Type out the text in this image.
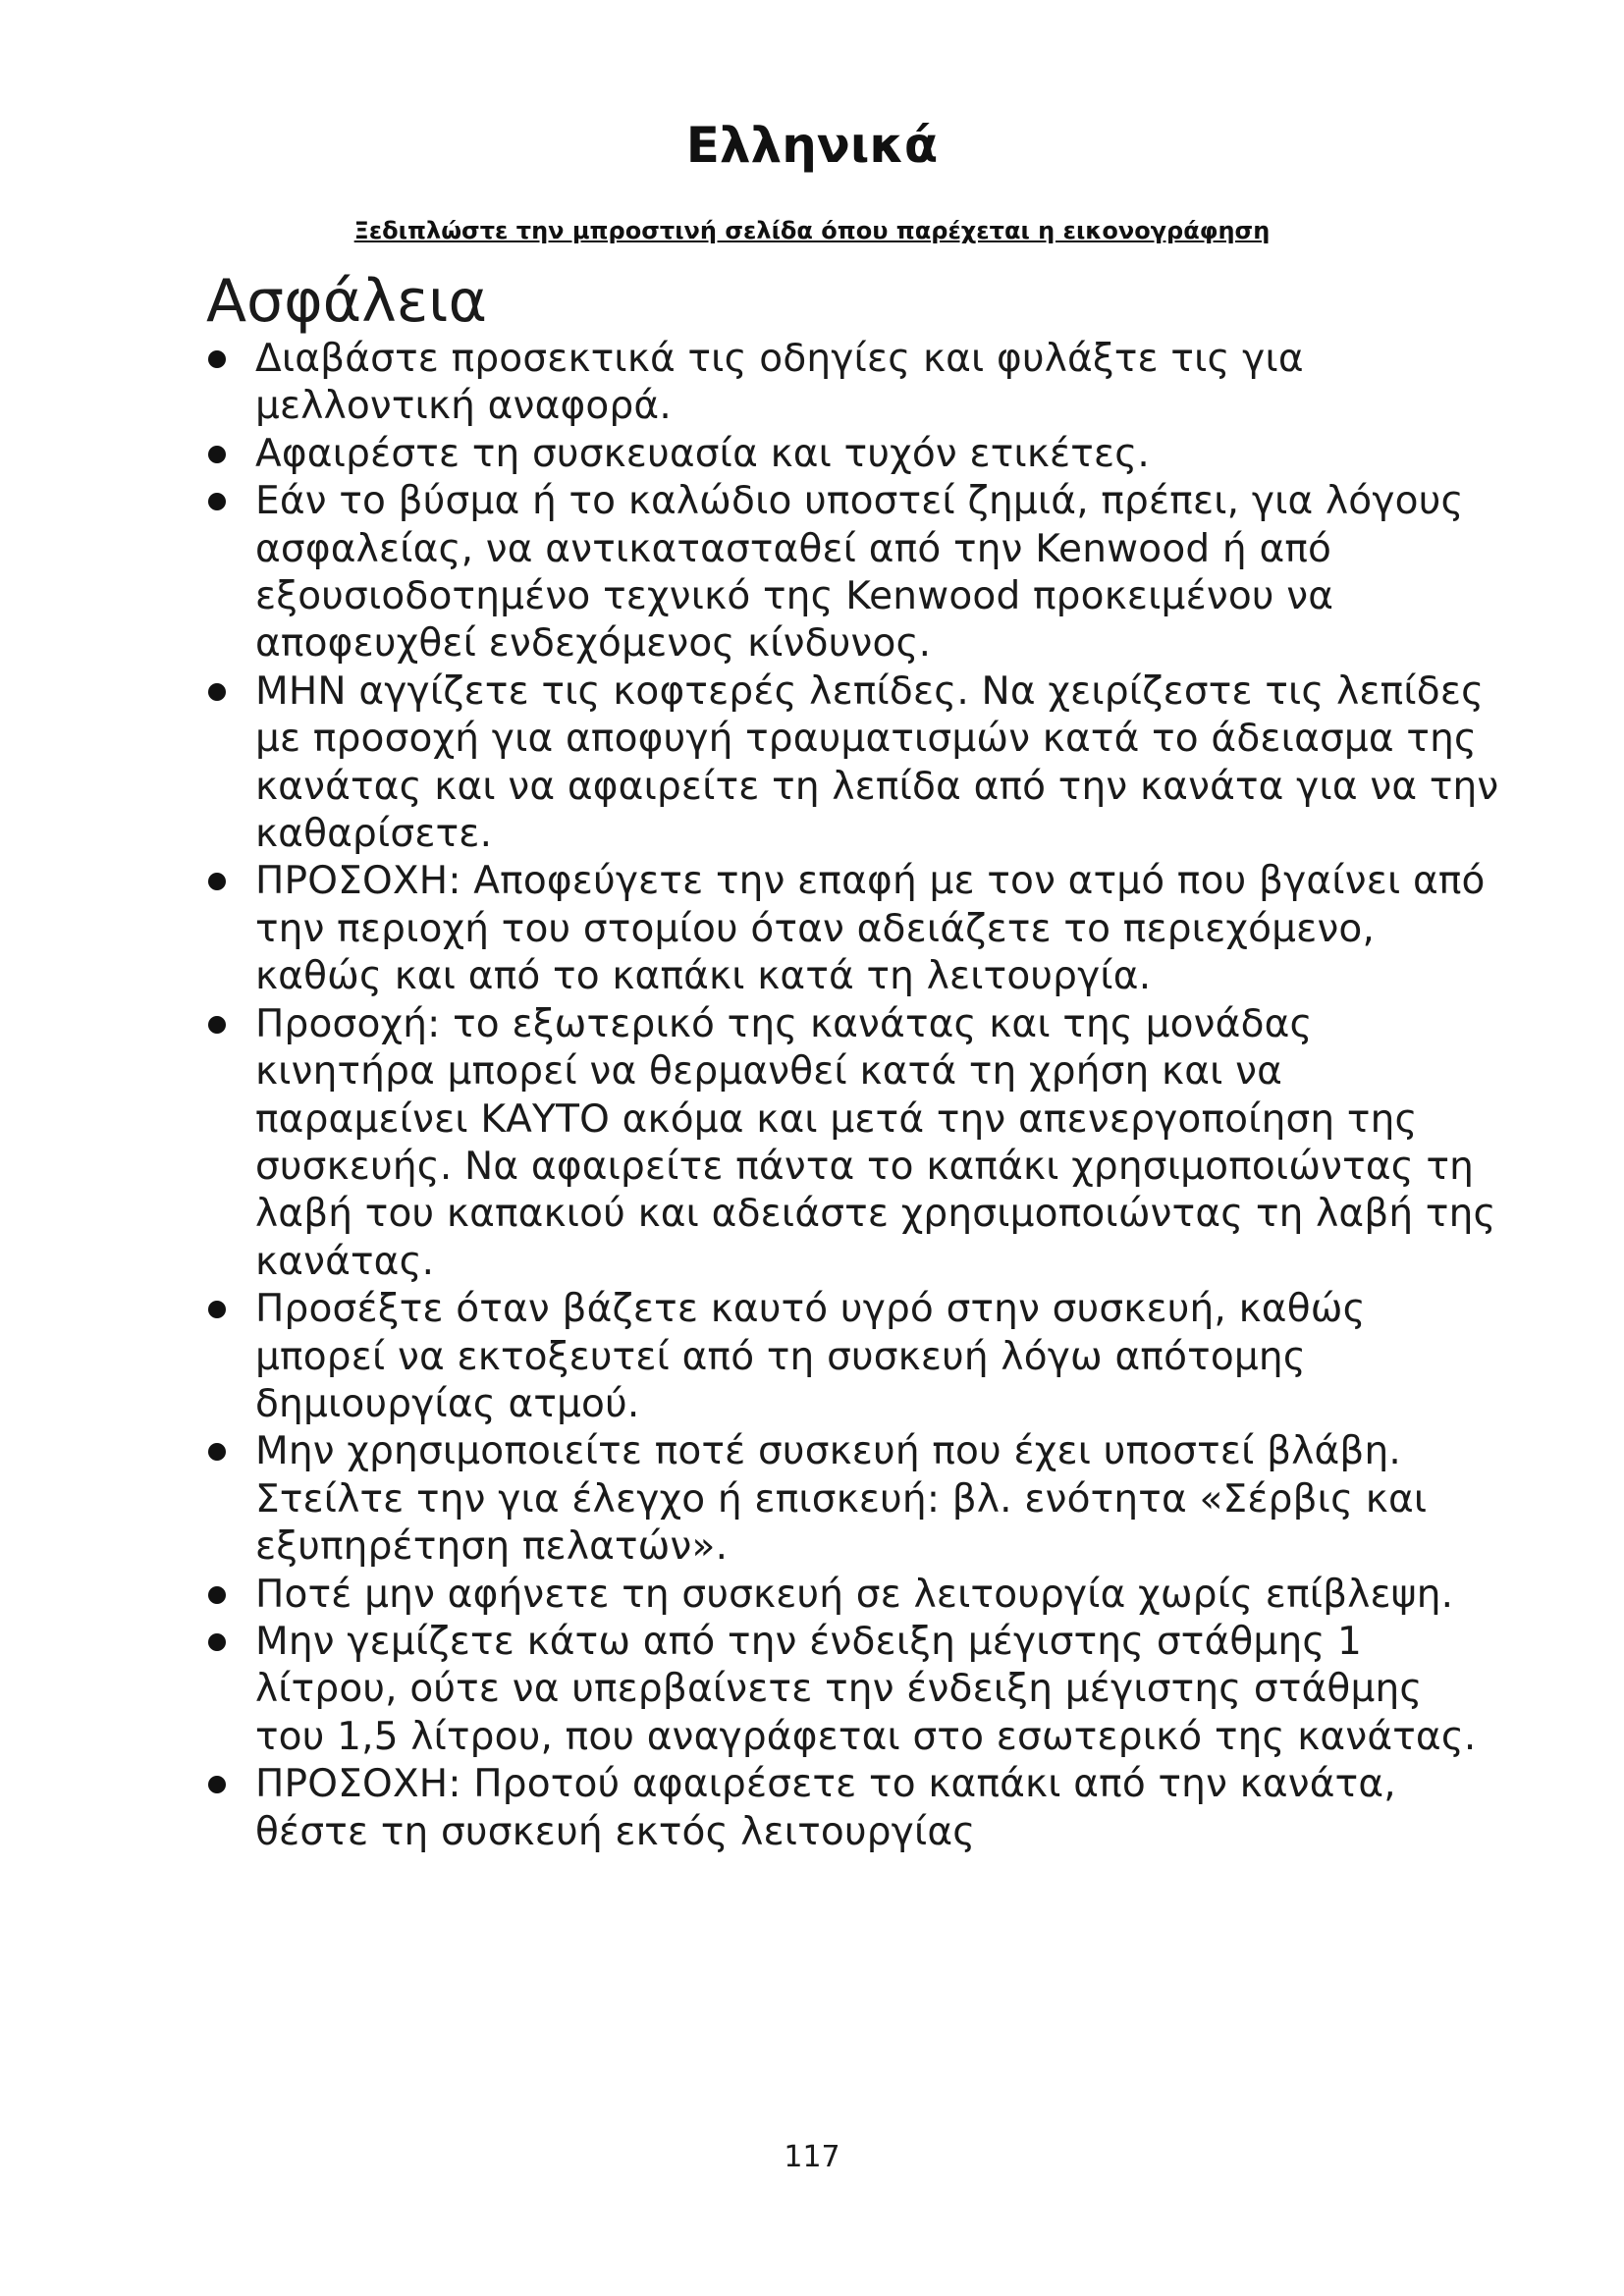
Ελληνικά

Ξεδιπλώστε την μπροστινή σελίδα όπου παρέχεται η εικονογράφηση

Ασφάλεια
Διαβάστε προσεκτικά τις οδηγίες και φυλάξτε τις για μελλοντική αναφορά.
Αφαιρέστε τη συσκευασία και τυχόν ετικέτες.
Εάν το βύσμα ή το καλώδιο υποστεί ζημιά, πρέπει, για λόγους ασφαλείας, να αντικατασταθεί από την Kenwood ή από εξουσιοδοτημένο τεχνικό της Kenwood προκειμένου να αποφευχθεί ενδεχόμενος κίνδυνος.
ΜΗΝ αγγίζετε τις κοφτερές λεπίδες. Να χειρίζεστε τις λεπίδες με προσοχή για αποφυγή τραυματισμών κατά το άδειασμα της κανάτας και να αφαιρείτε τη λεπίδα από την κανάτα για να την καθαρίσετε.
ΠΡΟΣΟΧΗ: Αποφεύγετε την επαφή με τον ατμό που βγαίνει από την περιοχή του στομίου όταν αδειάζετε το περιεχόμενο, καθώς και από το καπάκι κατά τη λειτουργία.
Προσοχή: το εξωτερικό της κανάτας και της μονάδας κινητήρα μπορεί να θερμανθεί κατά τη χρήση και να παραμείνει ΚΑΥΤΟ ακόμα και μετά την απενεργοποίηση της συσκευής. Να αφαιρείτε πάντα το καπάκι χρησιμοποιώντας τη λαβή του καπακιού και αδειάστε χρησιμοποιώντας τη λαβή της κανάτας.
Προσέξτε όταν βάζετε καυτό υγρό στην συσκευή, καθώς μπορεί να εκτοξευτεί από τη συσκευή λόγω απότομης δημιουργίας ατμού.
Μην χρησιμοποιείτε ποτέ συσκευή που έχει υποστεί βλάβη. Στείλτε την για έλεγχο ή επισκευή: βλ. ενότητα «Σέρβις και εξυπηρέτηση πελατών».
Ποτέ μην αφήνετε τη συσκευή σε λειτουργία χωρίς επίβλεψη.
Μην γεμίζετε κάτω από την ένδειξη μέγιστης στάθμης 1 λίτρου, ούτε να υπερβαίνετε την ένδειξη μέγιστης στάθμης του 1,5 λίτρου, που αναγράφεται στο εσωτερικό της κανάτας.
ΠΡΟΣΟΧΗ: Προτού αφαιρέσετε το καπάκι από την κανάτα, θέστε τη συσκευή εκτός λειτουργίας
117
